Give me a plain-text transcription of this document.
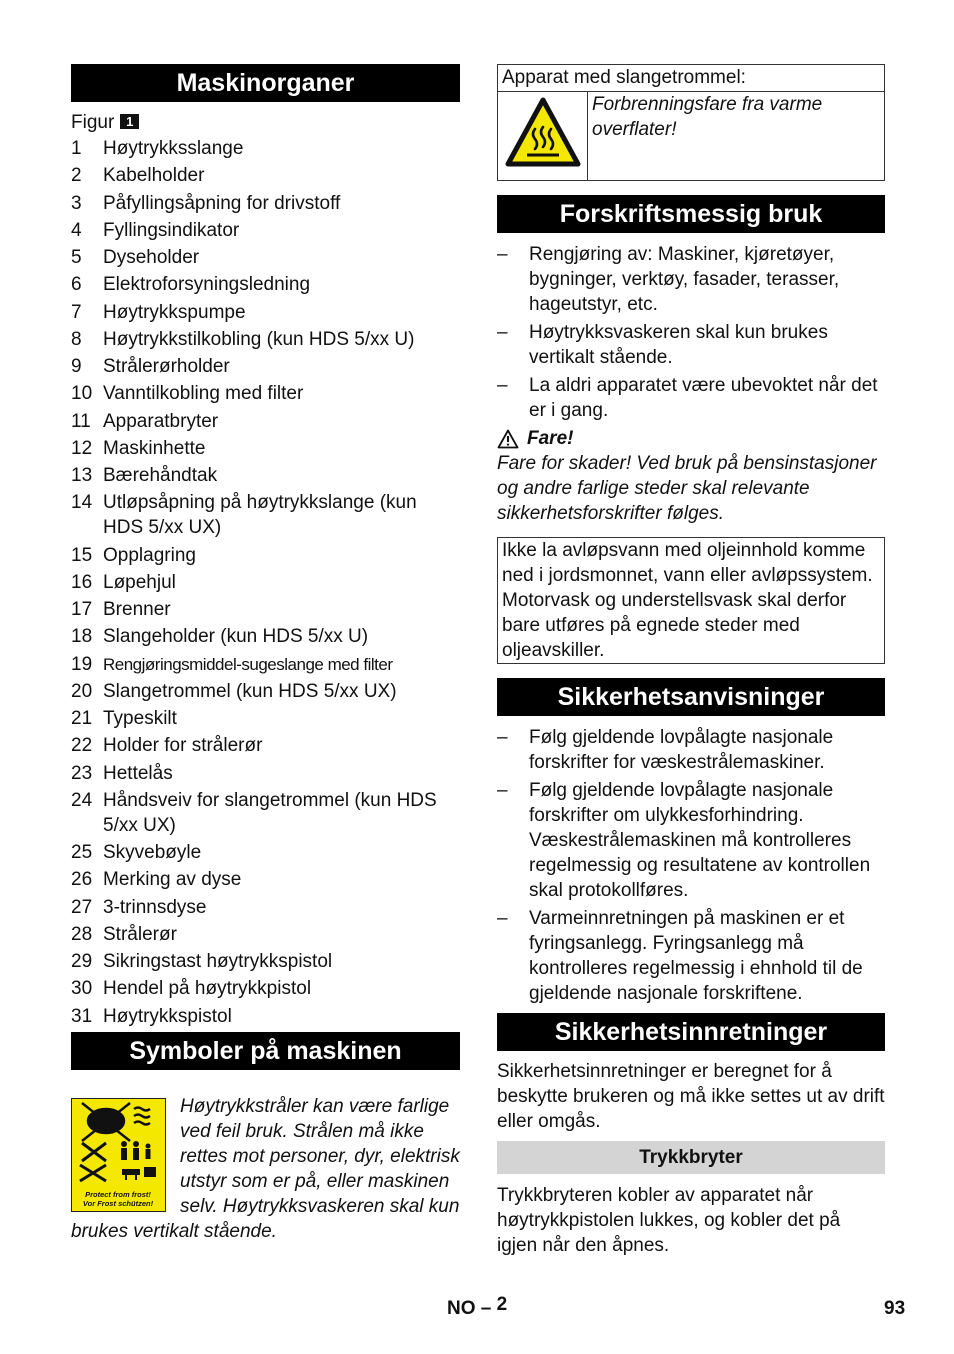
Maskinorganer
Figur 1
1	Høytrykksslange
2	Kabelholder
3	Påfyllingsåpning for drivstoff
4	Fyllingsindikator
5	Dyseholder
6	Elektroforsyningsledning
7	Høytrykkspumpe
8	Høytrykkstilkobling (kun HDS 5/xx U)
9	Strålerørholder
10 Vanntilkobling med filter
11 Apparatbryter
12 Maskinhette
13 Bærehåndtak
14 Utløpsåpning på høytrykkslange (kun HDS 5/xx UX)
15 Opplagring
16 Løpehjul
17 Brenner
18 Slangeholder (kun HDS 5/xx U)
19 Rengjøringsmiddel-sugeslange med filter
20 Slangetrommel (kun HDS 5/xx UX)
21 Typeskilt
22 Holder for strålerør
23 Hettelås
24 Håndsveiv for slangetrommel (kun HDS 5/xx UX)
25 Skyvebøyle
26 Merking av dyse
27 3-trinnsdyse
28 Strålerør
29 Sikringstast høytrykkspistol
30 Hendel på høytrykkpistol
31 Høytrykkspistol
Symboler på maskinen
Protect from frost!
Vor Frost schützen!
Høytrykkstråler kan være farlige ved feil bruk. Strålen må ikke rettes mot personer, dyr, elektrisk utstyr som er på, eller maskinen selv. Høytrykksvaskeren skal kun brukes vertikalt stående.
Apparat med slangetrommel:
	Forbrenningsfare fra varme overflater!
Forskriftsmessig bruk
–	Rengjøring av: Maskiner, kjøretøyer, bygninger, verktøy, fasader, terasser, hageutstyr, etc.
–	Høytrykksvaskeren skal kun brukes vertikalt stående.
–	La aldri apparatet være ubevoktet når det er i gang.
Fare!

Fare for skader! Ved bruk på bensinstasjoner og andre farlige steder skal relevante sikkerhetsforskrifter følges.

Ikke la avløpsvann med oljeinnhold komme ned i jordsmonnet, vann eller avløpssystem. Motorvask og understellsvask skal derfor bare utføres på egnede steder med oljeavskiller.
Sikkerhetsanvisninger
–	Følg gjeldende lovpålagte nasjonale forskrifter for væskestrålemaskiner.
–	Følg gjeldende lovpålagte nasjonale forskrifter om ulykkesforhindring. Væskestrålemaskinen må kontrolleres regelmessig og resultatene av kontrollen skal protokollføres.
–	Varmeinnretningen på maskinen er et fyringsanlegg. Fyringsanlegg må kontrolleres regelmessig i ehnhold til de gjeldende nasjonale forskriftene.
Sikkerhetsinnretninger

Sikkerhetsinnretninger er beregnet for å beskytte brukeren og må ikke settes ut av drift eller omgås.

Trykkbryter

Trykkbryteren kobler av apparatet når høytrykkpistolen lukkes, og kobler det på igjen når den åpnes.

NO – 2	93
